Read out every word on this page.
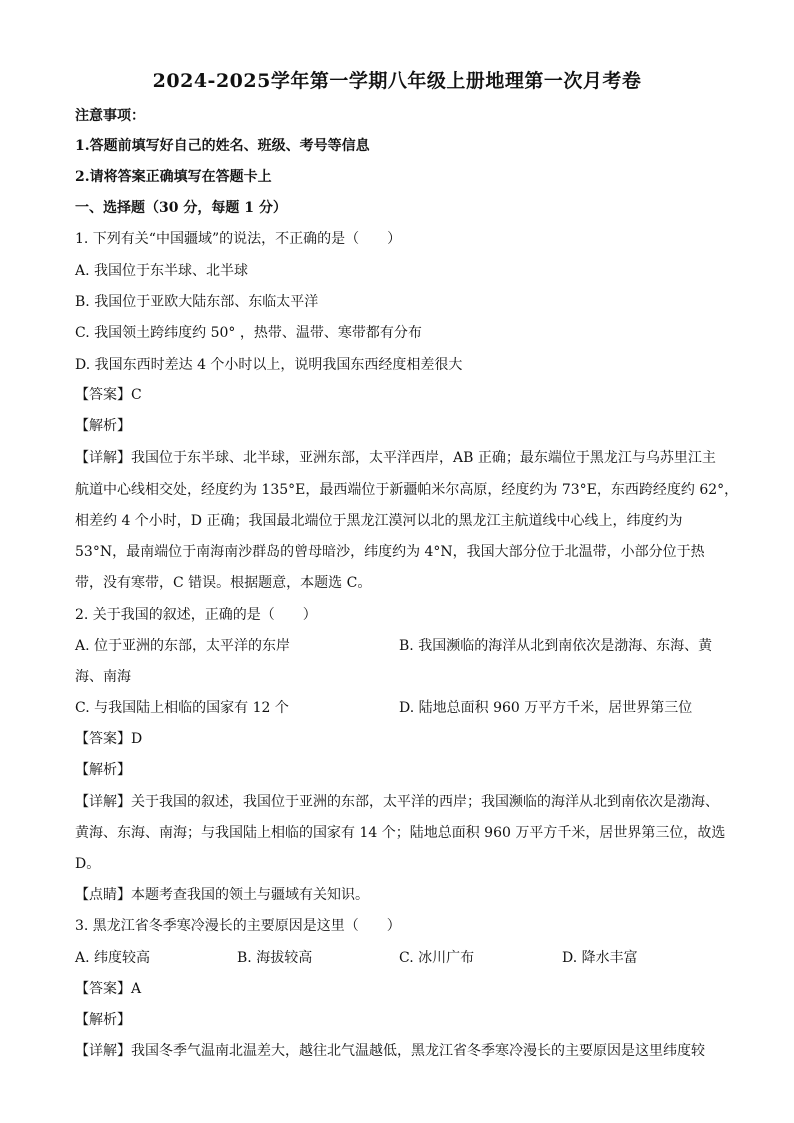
2024-2025学年第一学期八年级上册地理第一次月考卷
注意事项：
1.答题前填写好自己的姓名、班级、考号等信息
2.请将答案正确填写在答题卡上
一、选择题（30 分，每题 1 分）
1. 下列有关“中国疆域”的说法，不正确的是（　　）
A. 我国位于东半球、北半球
B. 我国位于亚欧大陆东部、东临太平洋
C. 我国领土跨纬度约 50° ，热带、温带、寒带都有分布
D. 我国东西时差达 4 个小时以上，说明我国东西经度相差很大
【答案】C
【解析】
【详解】我国位于东半球、北半球，亚洲东部，太平洋西岸，AB 正确；最东端位于黑龙江与乌苏里江主
航道中心线相交处，经度约为 135°E，最西端位于新疆帕米尔高原，经度约为 73°E，东西跨经度约 62°，
相差约 4 个小时，D 正确；我国最北端位于黑龙江漠河以北的黑龙江主航道线中心线上，纬度约为
53°N，最南端位于南海南沙群岛的曾母暗沙，纬度约为 4°N，我国大部分位于北温带，小部分位于热
带，没有寒带，C 错误。根据题意，本题选 C。
2. 关于我国的叙述，正确的是（　　）
A. 位于亚洲的东部，太平洋的东岸	B. 我国濒临的海洋从北到南依次是渤海、东海、黄
海、南海
C. 与我国陆上相临的国家有 12 个	D. 陆地总面积 960 万平方千米，居世界第三位
【答案】D
【解析】
【详解】关于我国的叙述，我国位于亚洲的东部，太平洋的西岸；我国濒临的海洋从北到南依次是渤海、
黄海、东海、南海；与我国陆上相临的国家有 14 个；陆地总面积 960 万平方千米，居世界第三位，故选
D。
【点睛】本题考查我国的领土与疆域有关知识。
3. 黑龙江省冬季寒冷漫长的主要原因是这里（　　）
A. 纬度较高	B. 海拔较高	C. 冰川广布	D. 降水丰富
【答案】A
【解析】
【详解】我国冬季气温南北温差大，越往北气温越低，黑龙江省冬季寒冷漫长的主要原因是这里纬度较
